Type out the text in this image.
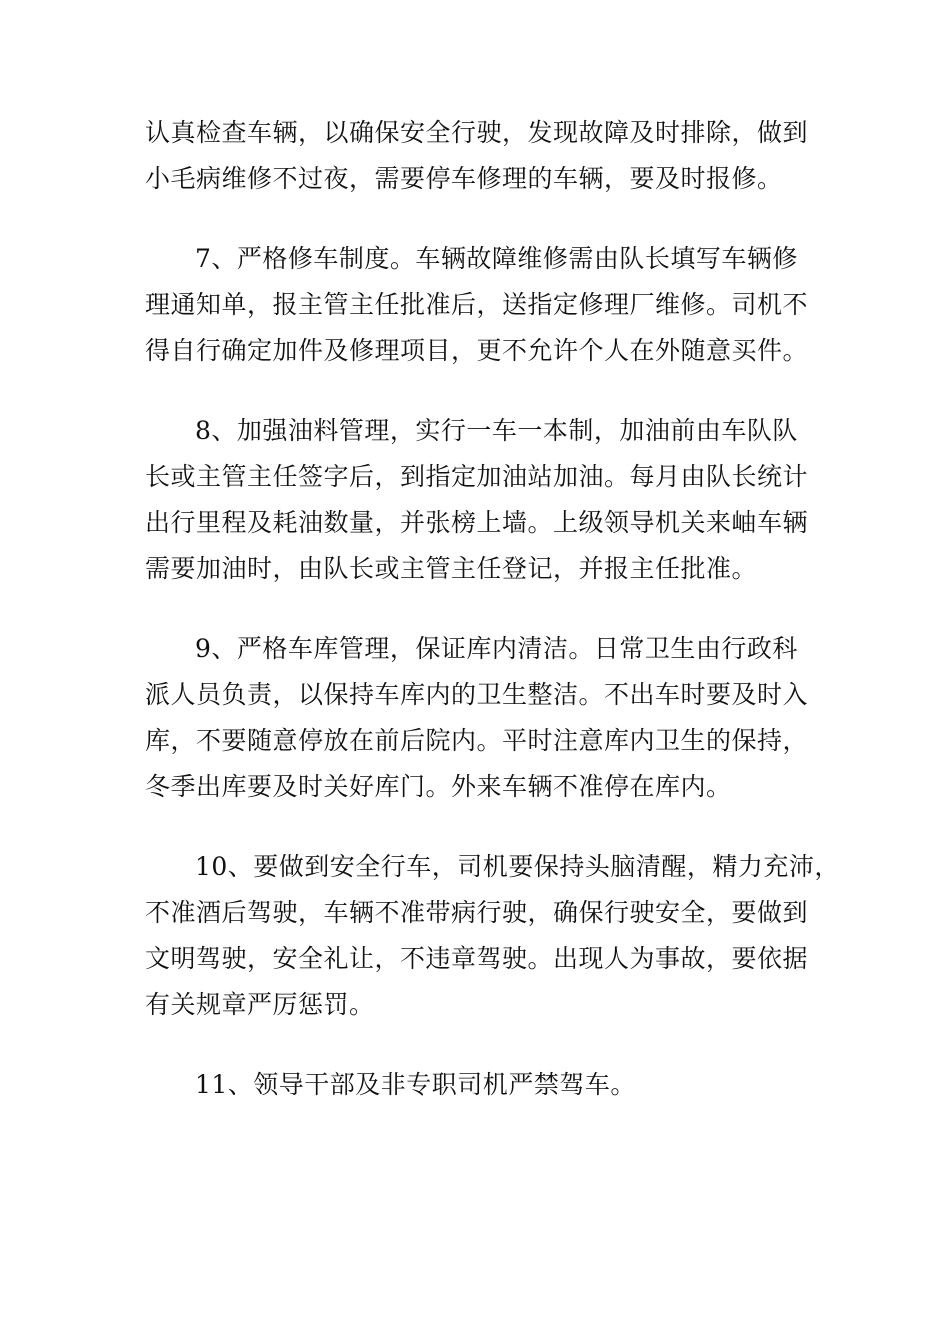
认真检查车辆，以确保安全行驶，发现故障及时排除，做到
小毛病维修不过夜，需要停车修理的车辆，要及时报修。

7、严格修车制度。车辆故障维修需由队长填写车辆修
理通知单，报主管主任批准后，送指定修理厂维修。司机不
得自行确定加件及修理项目，更不允许个人在外随意买件。

8、加强油料管理，实行一车一本制，加油前由车队队
长或主管主任签字后，到指定加油站加油。每月由队长统计
出行里程及耗油数量，并张榜上墙。上级领导机关来岫车辆
需要加油时，由队长或主管主任登记，并报主任批准。

9、严格车库管理，保证库内清洁。日常卫生由行政科
派人员负责，以保持车库内的卫生整洁。不出车时要及时入
库，不要随意停放在前后院内。平时注意库内卫生的保持，
冬季出库要及时关好库门。外来车辆不准停在库内。

10、要做到安全行车，司机要保持头脑清醒，精力充沛，
不准酒后驾驶，车辆不准带病行驶，确保行驶安全，要做到
文明驾驶，安全礼让，不违章驾驶。出现人为事故，要依据
有关规章严厉惩罚。

11、领导干部及非专职司机严禁驾车。
